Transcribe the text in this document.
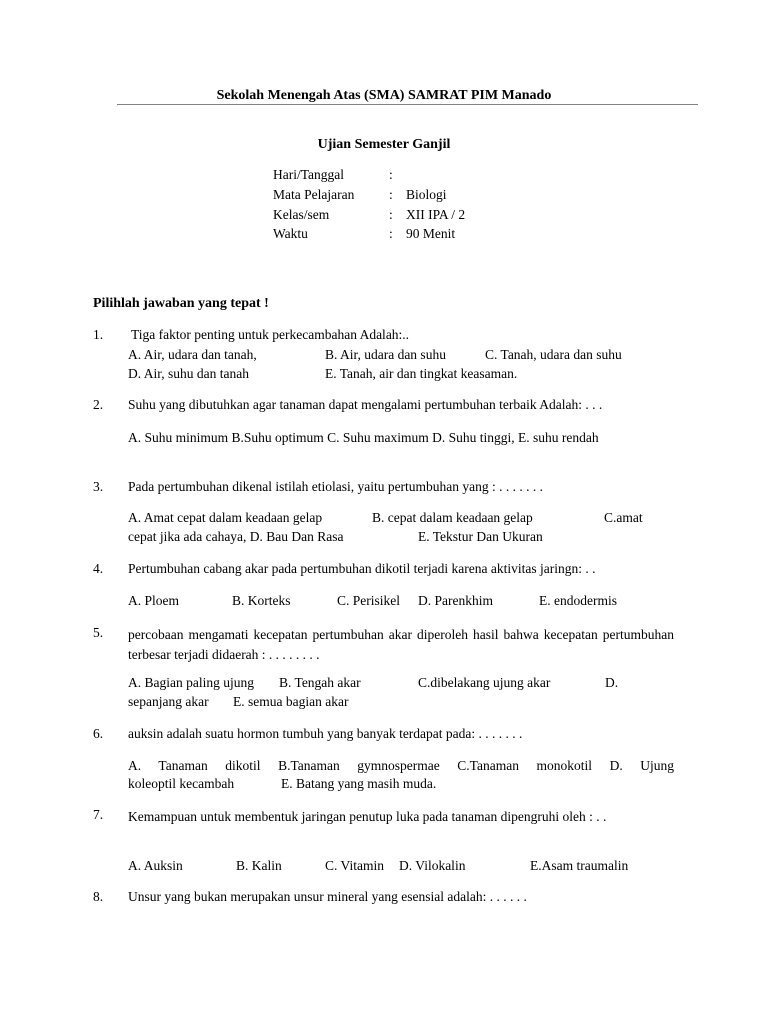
Sekolah Menengah Atas (SMA) SAMRAT PIM Manado
Ujian Semester Ganjil
Hari/Tanggal	:
Mata Pelajaran	: Biologi
Kelas/sem	: XII IPA / 2
Waktu	: 90 Menit
Pilihlah jawaban yang tepat !
1. Tiga faktor penting untuk perkecambahan Adalah:..
A. Air, udara dan tanah,	B. Air, udara dan suhu	C. Tanah, udara dan suhu
D. Air, suhu dan tanah	E. Tanah, air dan tingkat keasaman.
2. Suhu yang dibutuhkan agar tanaman dapat mengalami pertumbuhan terbaik Adalah: . . .
A. Suhu minimum B.Suhu optimum C. Suhu maximum D. Suhu tinggi, E. suhu rendah
3. Pada pertumbuhan dikenal istilah etiolasi, yaitu pertumbuhan yang : . . . . . . .
A. Amat cepat dalam keadaan gelap	B. cepat dalam keadaan gelap	C.amat
cepat jika ada cahaya, D. Bau Dan Rasa	E. Tekstur Dan Ukuran
4. Pertumbuhan cabang akar pada pertumbuhan dikotil terjadi karena aktivitas jaringn: . .
A. Ploem	B. Korteks	C. Perisikel D. Parenkhim	E. endodermis
5. percobaan mengamati kecepatan pertumbuhan akar diperoleh hasil bahwa kecepatan pertumbuhan terbesar terjadi didaerah : . . . . . . . .
A. Bagian paling ujung B. Tengah akar	C.dibelakang ujung akar	D.
sepanjang akar E. semua bagian akar
6. auksin adalah suatu hormon tumbuh yang banyak terdapat pada: . . . . . . .
A. Tanaman dikotil B.Tanaman gymnospermae C.Tanaman monokotil D. Ujung
koleoptil kecambah	E. Batang yang masih muda.
7. Kemampuan untuk membentuk jaringan penutup luka pada tanaman dipengruhi oleh : . .
A. Auksin	B. Kalin	C. Vitamin D. Vilokalin	E.Asam traumalin
8. Unsur yang bukan merupakan unsur mineral yang esensial adalah: . . . . . .
